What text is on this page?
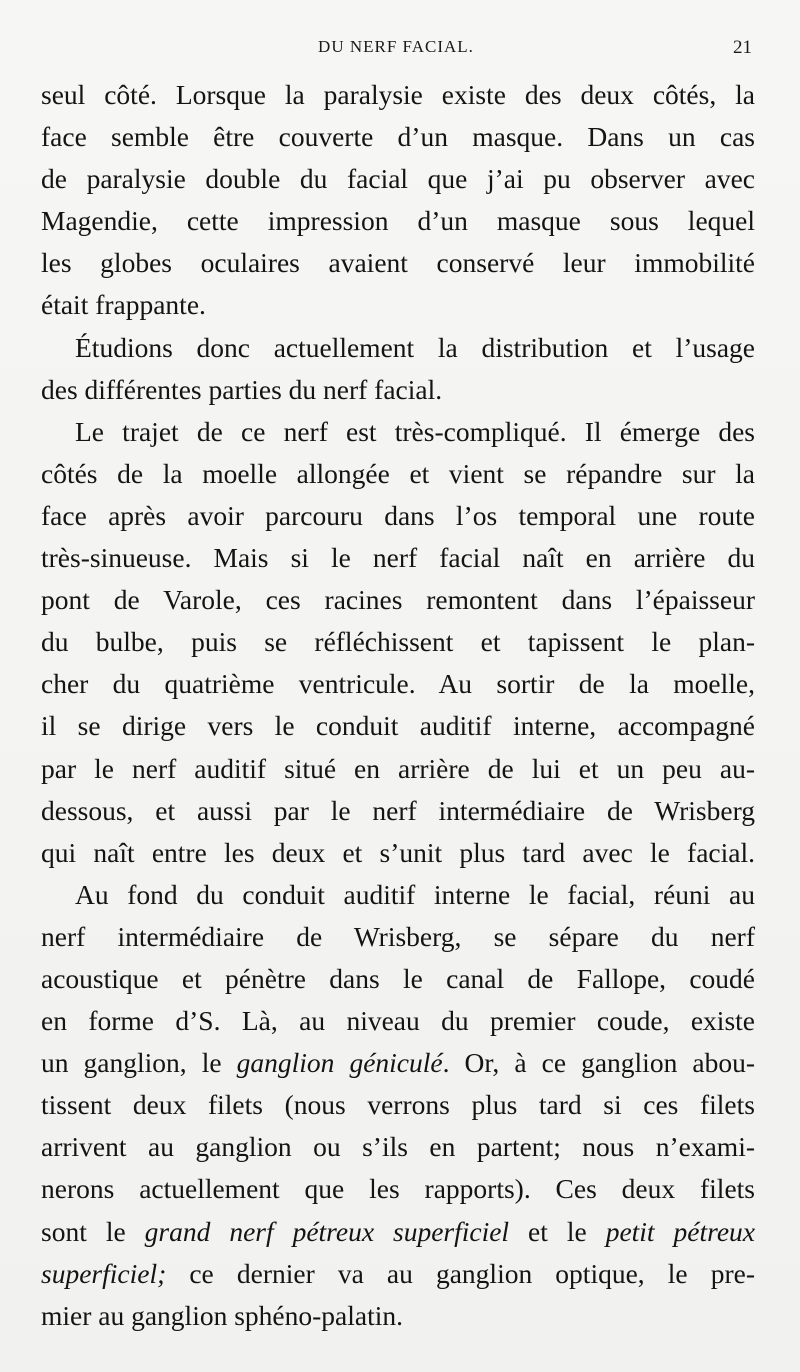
DU NERF FACIAL.	21
seul côté. Lorsque la paralysie existe des deux côtés, la
face semble être couverte d’un masque. Dans un cas
de paralysie double du facial que j’ai pu observer avec
Magendie, cette impression d’un masque sous lequel
les globes oculaires avaient conservé leur immobilité
était frappante.
Étudions donc actuellement la distribution et l’usage
des différentes parties du nerf facial.
Le trajet de ce nerf est très-compliqué. Il émerge des
côtés de la moelle allongée et vient se répandre sur la
face après avoir parcouru dans l’os temporal une route
très-sinueuse. Mais si le nerf facial naît en arrière du
pont de Varole, ces racines remontent dans l’épaisseur
du bulbe, puis se réfléchissent et tapissent le plan-
cher du quatrième ventricule. Au sortir de la moelle,
il se dirige vers le conduit auditif interne, accompagné
par le nerf auditif situé en arrière de lui et un peu au-
dessous, et aussi par le nerf intermédiaire de Wrisberg
qui naît entre les deux et s’unit plus tard avec le facial.
Au fond du conduit auditif interne le facial, réuni au
nerf intermédiaire de Wrisberg, se sépare du nerf
acoustique et pénètre dans le canal de Fallope, coudé
en forme d’S. Là, au niveau du premier coude, existe
un ganglion, le ganglion géniculé. Or, à ce ganglion abou-
tissent deux filets (nous verrons plus tard si ces filets
arrivent au ganglion ou s’ils en partent; nous n’exami-
nerons actuellement que les rapports). Ces deux filets
sont le grand nerf pétreux superficiel et le petit pétreux
superficiel; ce dernier va au ganglion optique, le pre-
mier au ganglion sphéno-palatin.
